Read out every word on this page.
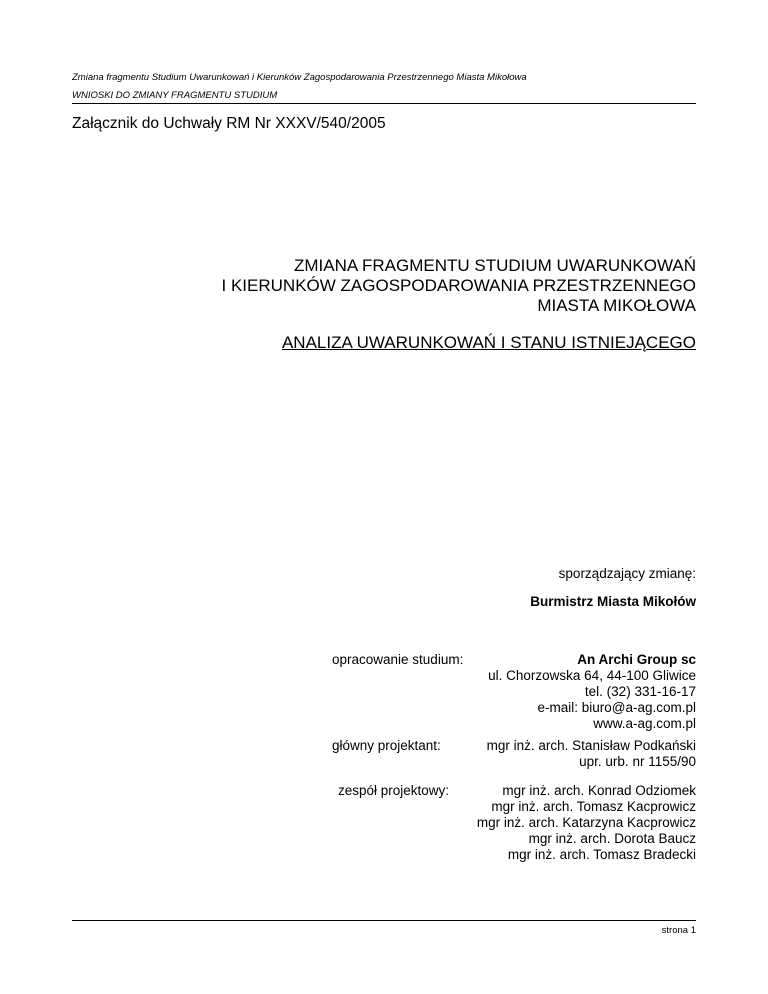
Zmiana fragmentu Studium Uwarunkowań i Kierunków Zagospodarowania Przestrzennego Miasta Mikołowa
WNIOSKI DO ZMIANY FRAGMENTU STUDIUM
Załącznik do Uchwały RM Nr XXXV/540/2005
ZMIANA FRAGMENTU STUDIUM UWARUNKOWAŃ
I KIERUNKÓW ZAGOSPODAROWANIA PRZESTRZENNEGO
MIASTA MIKOŁOWA
ANALIZA UWARUNKOWAŃ I STANU ISTNIEJĄCEGO
sporządzający zmianę:
Burmistrz Miasta Mikołów
opracowanie studium:	An Archi Group sc
ul. Chorzowska 64, 44-100 Gliwice
tel. (32) 331-16-17
e-mail: biuro@a-ag.com.pl
www.a-ag.com.pl
główny projektant:	mgr inż. arch. Stanisław Podkański
upr. urb. nr 1155/90
zespół projektowy:	mgr inż. arch. Konrad Odziomek
mgr inż. arch. Tomasz Kacprowicz
mgr inż. arch. Katarzyna Kacprowicz
mgr inż. arch. Dorota Baucz
mgr inż. arch. Tomasz Bradecki
strona 1
